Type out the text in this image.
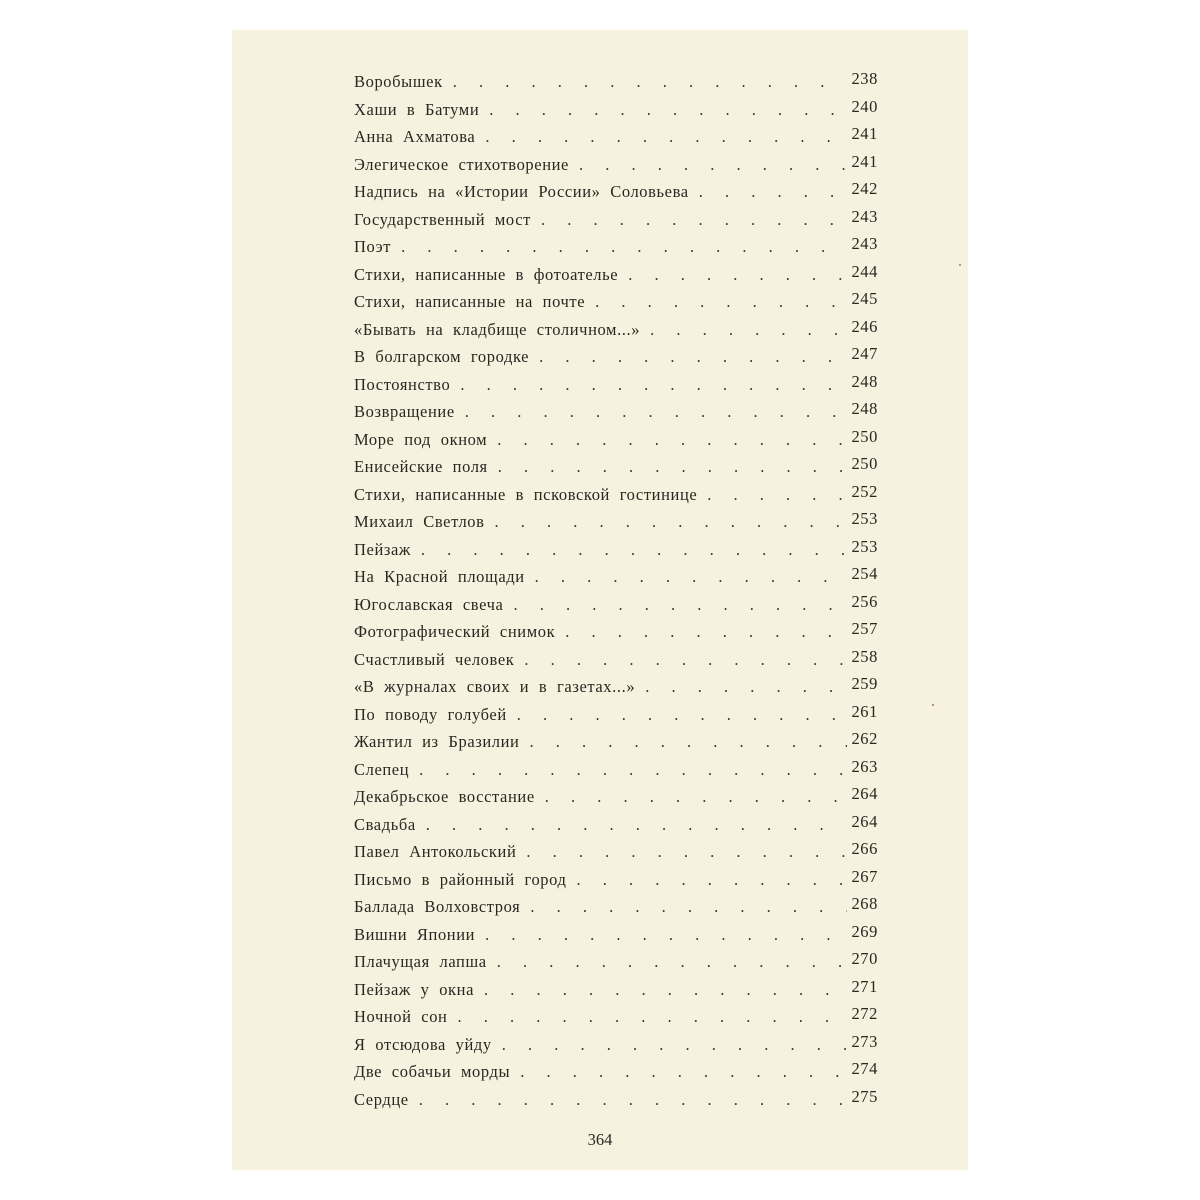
Воробышек . . .	238
Хаши в Батуми . . .	240
Анна Ахматова . . .	241
Элегическое стихотворение . . .	241
Надпись на «Истории России» Соловьева . . .	242
Государственный мост . . .	243
Поэт . . .	243
Стихи, написанные в фотоателье . . .	244
Стихи, написанные на почте . . .	245
«Бывать на кладбище столичном...» . . .	246
В болгарском городке . . .	247
Постоянство . . .	248
Возвращение . . .	248
Море под окном . . .	250
Енисейские поля . . .	250
Стихи, написанные в псковской гостинице . . .	252
Михаил Светлов . . .	253
Пейзаж . . .	253
На Красной площади . . .	254
Югославская свеча . . .	256
Фотографический снимок . . .	257
Счастливый человек . . .	258
«В журналах своих и в газетах...» . . .	259
По поводу голубей . . .	261
Жантил из Бразилии . . .	262
Слепец . . .	263
Декабрьское восстание . . .	264
Свадьба . . .	264
Павел Антокольский . . .	266
Письмо в районный город . . .	267
Баллада Волховстроя . . .	268
Вишни Японии . . .	269
Плачущая лапша . . .	270
Пейзаж у окна . . .	271
Ночной сон . . .	272
Я отсюдова уйду . . .	273
Две собачьи морды . . .	274
Сердце . . .	275
364
